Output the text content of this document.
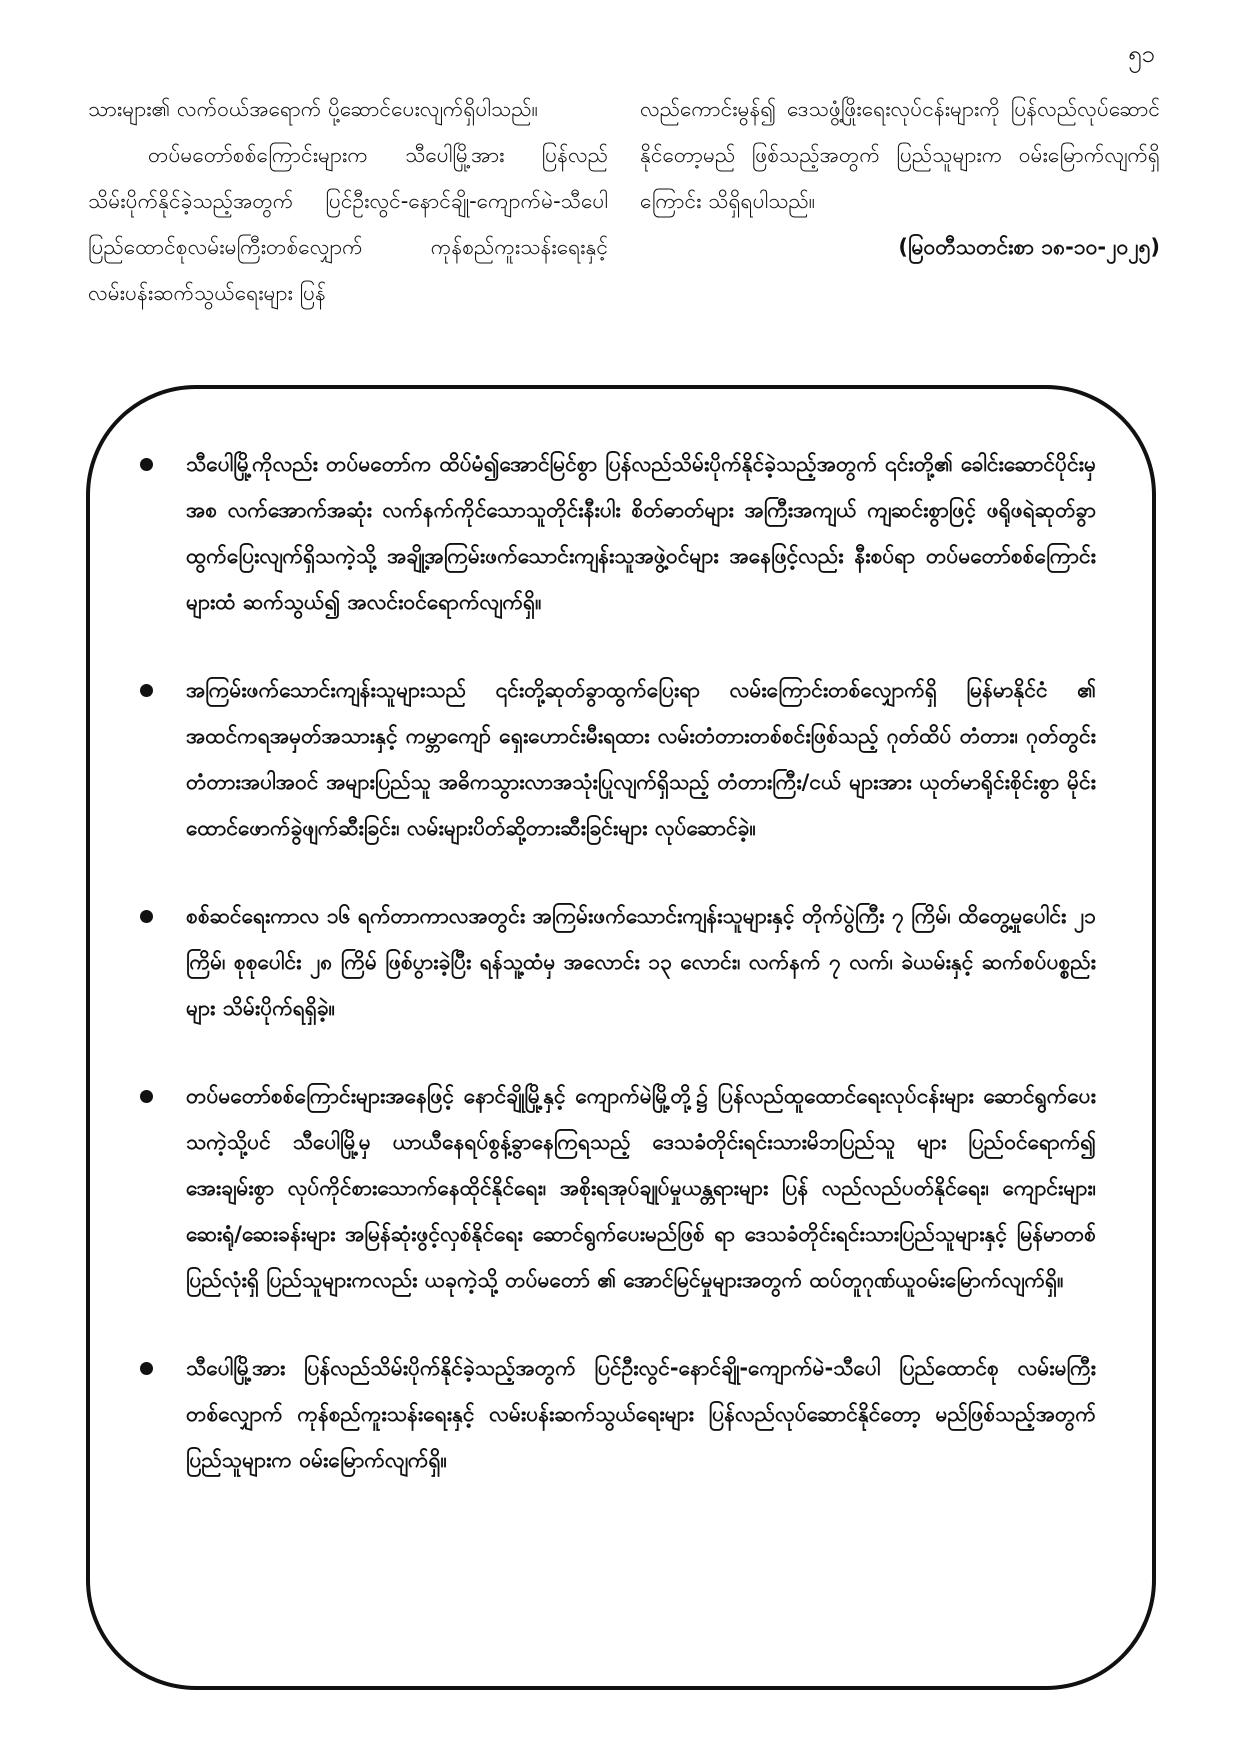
၅၁

သားများ၏ လက်ဝယ်အရောက် ပို့ဆောင်ပေးလျက်ရှိပါသည်။

တပ်မတော်စစ်ကြောင်းများက သီပေါမြို့အား ပြန်လည်သိမ်းပိုက်နိုင်ခဲ့သည့်အတွက် ပြင်ဦးလွင်-နောင်ချို-ကျောက်မဲ-သီပေါ ပြည်ထောင်စုလမ်းမကြီးတစ်လျှောက် ကုန်စည်ကူးသန်းရေးနှင့် လမ်းပန်းဆက်သွယ်ရေးများ ပြန်

လည်ကောင်းမွန်၍ ဒေသဖွံ့ဖြိုးရေးလုပ်ငန်းများကို ပြန်လည်လုပ်ဆောင်နိုင်တော့မည် ဖြစ်သည့်အတွက် ပြည်သူများက ဝမ်းမြောက်လျက်ရှိကြောင်း သိရှိရပါသည်။

(မြဝတီသတင်းစာ ၁၈-၁၀-၂၀၂၅)

သီပေါမြို့ကိုလည်း တပ်မတော်က ထိပ်မံ၍အောင်မြင်စွာ ပြန်လည်သိမ်းပိုက်နိုင်ခဲ့သည့်အတွက် ၎င်းတို့၏ ခေါင်းဆောင်ပိုင်းမှအစ လက်အောက်အဆုံး လက်နက်ကိုင်သောသူတိုင်းနီးပါး စိတ်ဓာတ်များ အကြီးအကျယ် ကျဆင်းစွာဖြင့် ဖရိုဖရဲဆုတ်ခွာထွက်ပြေးလျက်ရှိသကဲ့သို့ အချို့အကြမ်းဖက်သောင်းကျန်းသူအဖွဲ့ဝင်များ အနေဖြင့်လည်း နီးစပ်ရာ တပ်မတော်စစ်ကြောင်းများထံ ဆက်သွယ်၍ အလင်းဝင်ရောက်လျက်ရှိ။
အကြမ်းဖက်သောင်းကျန်းသူများသည် ၎င်းတို့ဆုတ်ခွာထွက်ပြေးရာ လမ်းကြောင်းတစ်လျှောက်ရှိ မြန်မာနိုင်ငံ ၏ အထင်ကရအမှတ်အသားနှင့် ကမ္ဘာကျော် ရှေးဟောင်းမီးရထား လမ်းတံတားတစ်စင်းဖြစ်သည့် ဂုတ်ထိပ် တံတား၊ ဂုတ်တွင်းတံတားအပါအဝင် အများပြည်သူ အဓိကသွားလာအသုံးပြုလျက်ရှိသည့် တံတားကြီး/ငယ် များအား ယုတ်မာရိုင်းစိုင်းစွာ မိုင်းထောင်ဖောက်ခွဲဖျက်ဆီးခြင်း၊ လမ်းများပိတ်ဆို့တားဆီးခြင်းများ လုပ်ဆောင်ခဲ့။
စစ်ဆင်ရေးကာလ ၁၆ ရက်တာကာလအတွင်း အကြမ်းဖက်သောင်းကျန်းသူများနှင့် တိုက်ပွဲကြီး ၇ ကြိမ်၊ ထိတွေ့မှုပေါင်း ၂၁ ကြိမ်၊ စုစုပေါင်း ၂၈ ကြိမ် ဖြစ်ပွားခဲ့ပြီး ရန်သူ့ထံမှ အလောင်း ၁၃ လောင်း၊ လက်နက် ၇ လက်၊ ခဲယမ်းနှင့် ဆက်စပ်ပစ္စည်းများ သိမ်းပိုက်ရရှိခဲ့။
တပ်မတော်စစ်ကြောင်းများအနေဖြင့် နောင်ချိုမြို့နှင့် ကျောက်မဲမြို့တို့၌ ပြန်လည်ထူထောင်ရေးလုပ်ငန်းများ ဆောင်ရွက်ပေးသကဲ့သို့ပင် သီပေါမြို့မှ ယာယီနေရပ်စွန့်ခွာနေကြရသည့် ဒေသခံတိုင်းရင်းသားမိဘပြည်သူ များ ပြည်ဝင်ရောက်၍ အေးချမ်းစွာ လုပ်ကိုင်စားသောက်နေထိုင်နိုင်ရေး၊ အစိုးရအုပ်ချုပ်မှုယန္တရားများ ပြန် လည်လည်ပတ်နိုင်ရေး၊ ကျောင်းများ၊ ဆေးရုံ/ဆေးခန်းများ အမြန်ဆုံးဖွင့်လှစ်နိုင်ရေး ဆောင်ရွက်ပေးမည်ဖြစ် ရာ ဒေသခံတိုင်းရင်းသားပြည်သူများနှင့် မြန်မာတစ်ပြည်လုံးရှိ ပြည်သူများကလည်း ယခုကဲ့သို့ တပ်မတော် ၏ အောင်မြင်မှုများအတွက် ထပ်တူဂုဏ်ယူဝမ်းမြောက်လျက်ရှိ။
သီပေါမြို့အား ပြန်လည်သိမ်းပိုက်နိုင်ခဲ့သည့်အတွက် ပြင်ဦးလွင်-နောင်ချို-ကျောက်မဲ-သီပေါ ပြည်ထောင်စု လမ်းမကြီးတစ်လျှောက် ကုန်စည်ကူးသန်းရေးနှင့် လမ်းပန်းဆက်သွယ်ရေးများ ပြန်လည်လုပ်ဆောင်နိုင်တော့ မည်ဖြစ်သည့်အတွက် ပြည်သူများက ဝမ်းမြောက်လျက်ရှိ။
